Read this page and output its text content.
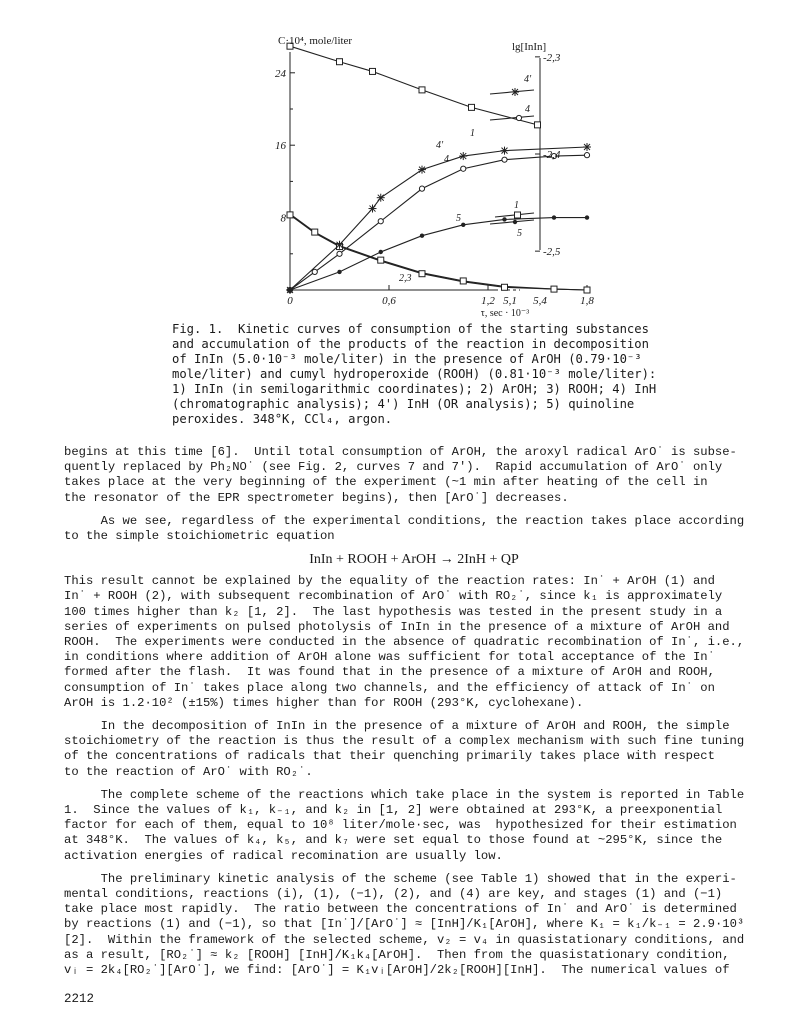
8
16
24
-2,3
-2,4
-2,5
0	0,6	1,2	1,8
5,1 5,4
C·10⁴, mole/liter	lg[InIn]
τ, sec · 10⁻³
1
4'
4
5
2,3
4'
4
1
5
Fig. 1.  Kinetic curves of consumption of the starting substances
and accumulation of the products of the reaction in decomposition
of InIn (5.0·10⁻³ mole/liter) in the presence of ArOH (0.79·10⁻³
mole/liter) and cumyl hydroperoxide (ROOH) (0.81·10⁻³ mole/liter):
1) InIn (in semilogarithmic coordinates); 2) ArOH; 3) ROOH; 4) InH
(chromatographic analysis); 4') InH (OR analysis); 5) quinoline
peroxides. 348°K, CCl₄, argon.

begins at this time [6].  Until total consumption of ArOH, the aroxyl radical ArO˙ is subse-
quently replaced by Ph₂NO˙ (see Fig. 2, curves 7 and 7').  Rapid accumulation of ArO˙ only
takes place at the very beginning of the experiment (~1 min after heating of the cell in
the resonator of the EPR spectrometer begins), then [ArO˙] decreases.

As we see, regardless of the experimental conditions, the reaction takes place according
to the simple stoichiometric equation

InIn + ROOH + ArOH → 2InH + QP

This result cannot be explained by the equality of the reaction rates: In˙ + ArOH (1) and
In˙ + ROOH (2), with subsequent recombination of ArO˙ with RO₂˙, since k₁ is approximately
100 times higher than k₂ [1, 2].  The last hypothesis was tested in the present study in a
series of experiments on pulsed photolysis of InIn in the presence of a mixture of ArOH and
ROOH.  The experiments were conducted in the absence of quadratic recombination of In˙, i.e.,
in conditions where addition of ArOH alone was sufficient for total acceptance of the In˙
formed after the flash.  It was found that in the presence of a mixture of ArOH and ROOH,
consumption of In˙ takes place along two channels, and the efficiency of attack of In˙ on
ArOH is 1.2·10² (±15%) times higher than for ROOH (293°K, cyclohexane).

In the decomposition of InIn in the presence of a mixture of ArOH and ROOH, the simple
stoichiometry of the reaction is thus the result of a complex mechanism with such fine tuning
of the concentrations of radicals that their quenching primarily takes place with respect
to the reaction of ArO˙ with RO₂˙.

The complete scheme of the reactions which take place in the system is reported in Table
1.  Since the values of k₁, k₋₁, and k₂ in [1, 2] were obtained at 293°K, a preexponential
factor for each of them, equal to 10⁸ liter/mole·sec, was  hypothesized for their estimation
at 348°K.  The values of k₄, k₅, and k₇ were set equal to those found at ~295°K, since the
activation energies of radical recomination are usually low.

The preliminary kinetic analysis of the scheme (see Table 1) showed that in the experi-
mental conditions, reactions (i), (1), (−1), (2), and (4) are key, and stages (1) and (−1)
take place most rapidly.  The ratio between the concentrations of In˙ and ArO˙ is determined
by reactions (1) and (−1), so that [In˙]/[ArO˙] ≈ [InH]/K₁[ArOH], where K₁ = k₁/k₋₁ = 2.9·10³
[2].  Within the framework of the selected scheme, v₂ = v₄ in quasistationary conditions, and
as a result, [RO₂˙] ≈ k₂ [ROOH] [InH]/K₁k₄[ArOH].  Then from the quasistationary condition,
vᵢ = 2k₄[RO₂˙][ArO˙], we find: [ArO˙] = K₁vᵢ[ArOH]/2k₂[ROOH][InH].  The numerical values of

2212
